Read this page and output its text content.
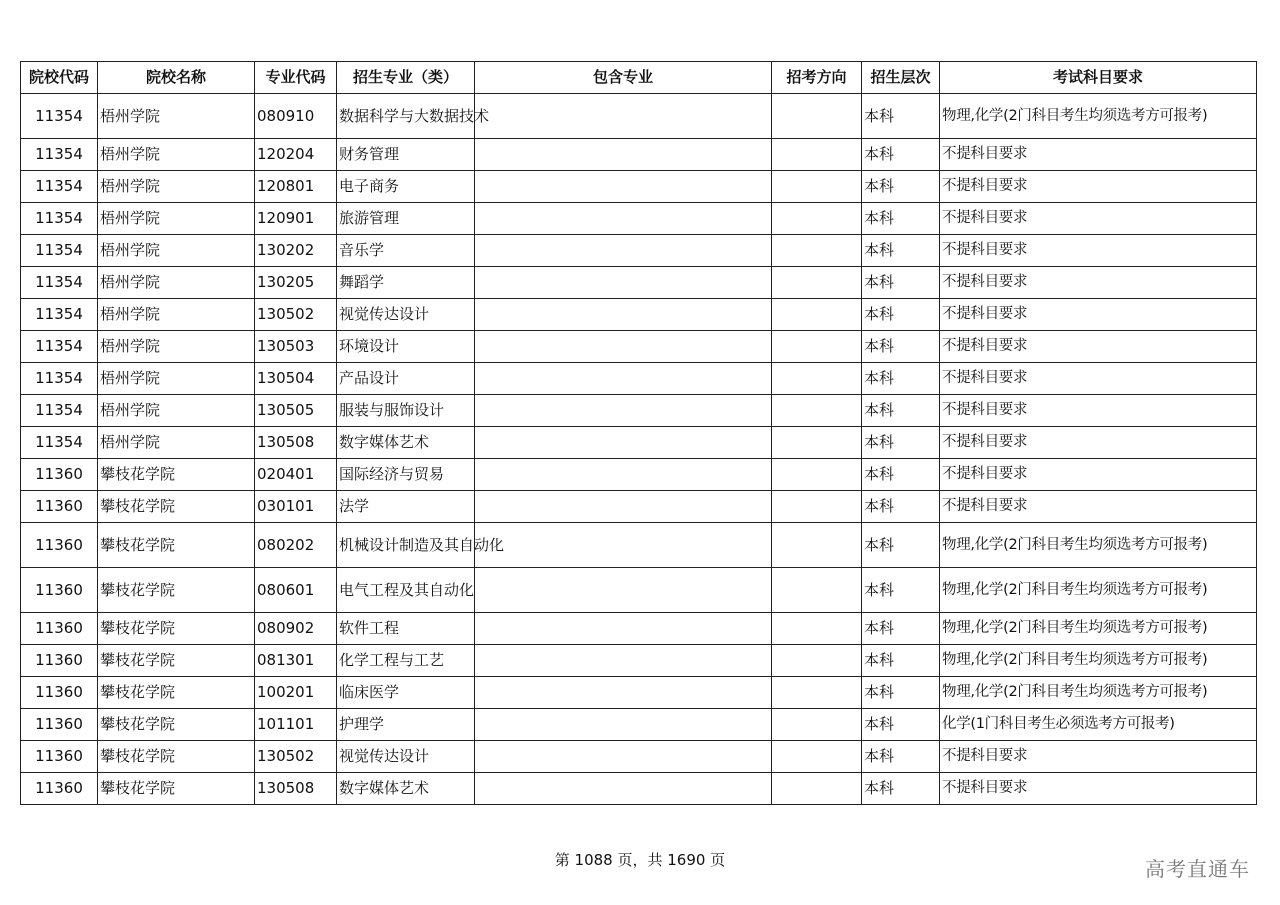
院校代码	院校名称	专业代码	招生专业（类）	包含专业	招考方向	招生层次	考试科目要求
11354	梧州学院	080910	数据科学与大数据技术			本科	物理,化学(2门科目考生均须选考方可报考)
11354	梧州学院	120204	财务管理			本科	不提科目要求
11354	梧州学院	120801	电子商务			本科	不提科目要求
11354	梧州学院	120901	旅游管理			本科	不提科目要求
11354	梧州学院	130202	音乐学			本科	不提科目要求
11354	梧州学院	130205	舞蹈学			本科	不提科目要求
11354	梧州学院	130502	视觉传达设计			本科	不提科目要求
11354	梧州学院	130503	环境设计			本科	不提科目要求
11354	梧州学院	130504	产品设计			本科	不提科目要求
11354	梧州学院	130505	服装与服饰设计			本科	不提科目要求
11354	梧州学院	130508	数字媒体艺术			本科	不提科目要求
11360	攀枝花学院	020401	国际经济与贸易			本科	不提科目要求
11360	攀枝花学院	030101	法学			本科	不提科目要求
11360	攀枝花学院	080202	机械设计制造及其自动化			本科	物理,化学(2门科目考生均须选考方可报考)
11360	攀枝花学院	080601	电气工程及其自动化			本科	物理,化学(2门科目考生均须选考方可报考)
11360	攀枝花学院	080902	软件工程			本科	物理,化学(2门科目考生均须选考方可报考)
11360	攀枝花学院	081301	化学工程与工艺			本科	物理,化学(2门科目考生均须选考方可报考)
11360	攀枝花学院	100201	临床医学			本科	物理,化学(2门科目考生均须选考方可报考)
11360	攀枝花学院	101101	护理学			本科	化学(1门科目考生必须选考方可报考)
11360	攀枝花学院	130502	视觉传达设计			本科	不提科目要求
11360	攀枝花学院	130508	数字媒体艺术			本科	不提科目要求
第 1088 页，共 1690 页	高考直通车
